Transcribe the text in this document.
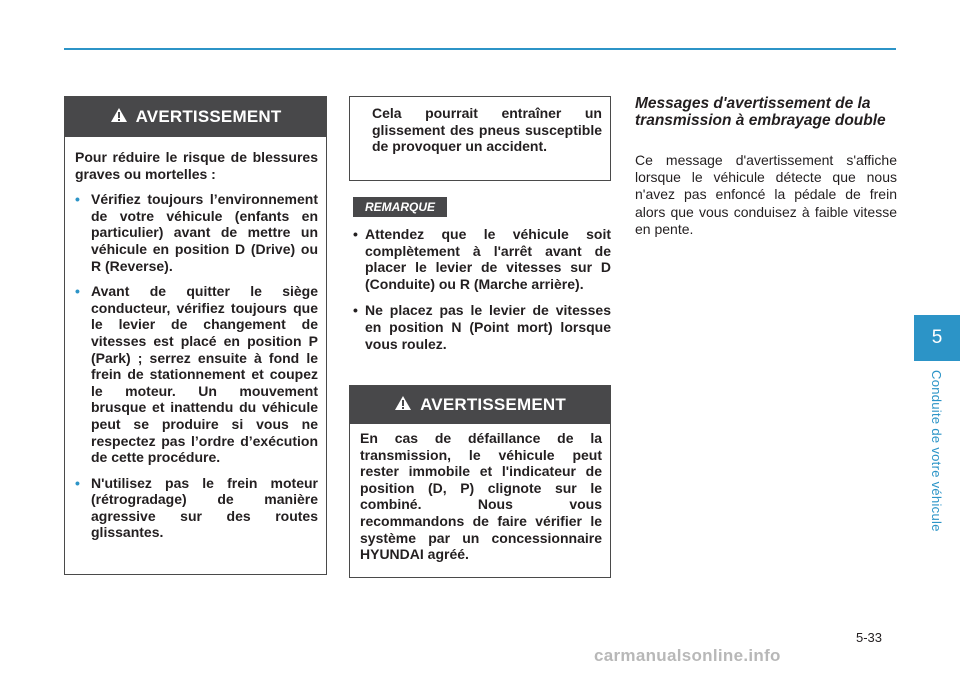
AVERTISSEMENT

Pour réduire le risque de blessures graves ou mortelles :

• Vérifiez toujours l’environnement de votre véhicule (enfants en particulier) avant de mettre un véhicule en position D (Drive) ou R (Reverse).
• Avant de quitter le siège conducteur, vérifiez toujours que le levier de changement de vitesses est placé en position P (Park) ; serrez ensuite à fond le frein de stationnement et coupez le moteur. Un mouvement brusque et inattendu du véhicule peut se produire si vous ne respectez pas l’ordre d’exécution de cette procédure.
• N'utilisez pas le frein moteur (rétrogradage) de manière agressive sur des routes glissantes.
Cela pourrait entraîner un glissement des pneus susceptible de provoquer un accident.
REMARQUE
• Attendez que le véhicule soit complètement à l'arrêt avant de placer le levier de vitesses sur D (Conduite) ou R (Marche arrière).
• Ne placez pas le levier de vitesses en position N (Point mort) lorsque vous roulez.
AVERTISSEMENT

En cas de défaillance de la transmission, le véhicule peut rester immobile et l'indicateur de position (D, P) clignote sur le combiné. Nous vous recommandons de faire vérifier le système par un concessionnaire HYUNDAI agréé.

Messages d'avertissement de la transmission à embrayage double
Ce message d'avertissement s'affiche lorsque le véhicule détecte que nous n'avez pas enfoncé la pédale de frein alors que vous conduisez à faible vitesse en pente.
5
Conduite de votre véhicule
5-33
carmanualsonline.info
